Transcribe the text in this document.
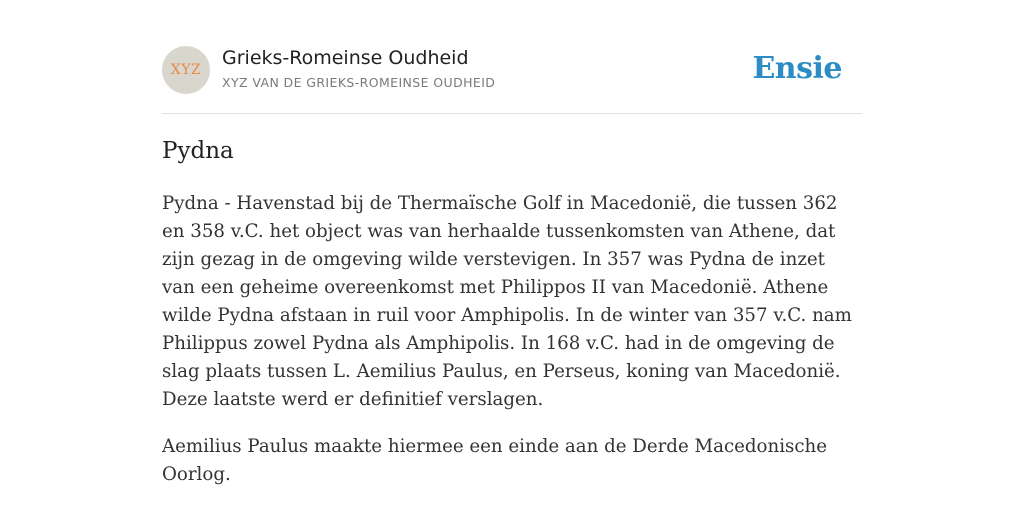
XYZ
Grieks-Romeinse Oudheid
XYZ VAN DE GRIEKS-ROMEINSE OUDHEID	Ensie
Pydna

Pydna - Havenstad bij de Thermaïsche Golf in Macedonië, die tussen 362 en 358 v.C. het object was van herhaalde tussenkomsten van Athene, dat zijn gezag in de omgeving wilde verstevigen. In 357 was Pydna de inzet van een geheime overeenkomst met Philippos II van Macedonië. Athene wilde Pydna afstaan in ruil voor Amphipolis. In de winter van 357 v.C. nam Philippus zowel Pydna als Amphipolis. In 168 v.C. had in de omgeving de slag plaats tussen L. Aemilius Paulus, en Perseus, koning van Macedonië. Deze laatste werd er definitief verslagen.

Aemilius Paulus maakte hiermee een einde aan de Derde Macedonische Oorlog.
